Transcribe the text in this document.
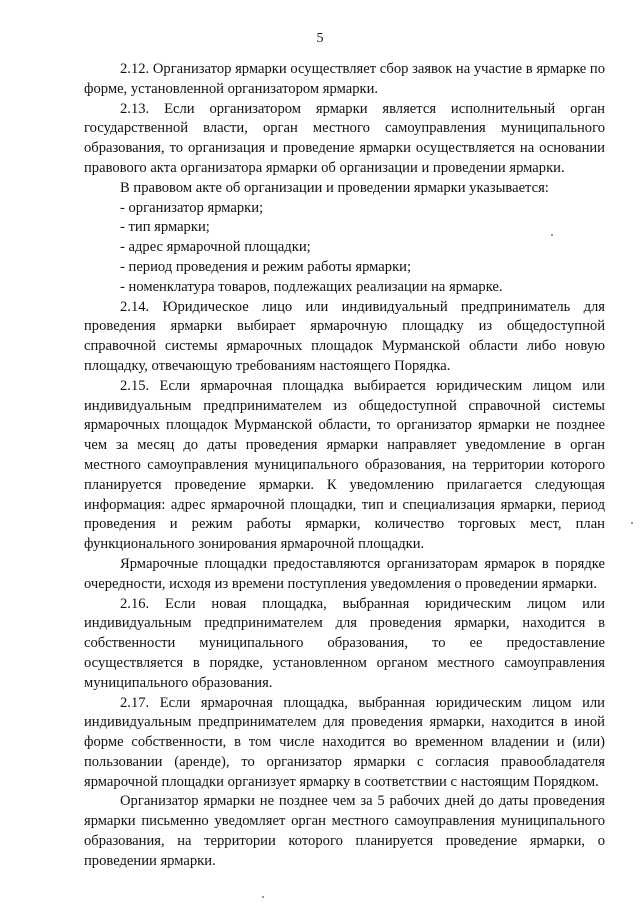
5

2.12. Организатор ярмарки осуществляет сбор заявок на участие в ярмарке по форме, установленной организатором ярмарки.

2.13. Если организатором ярмарки является исполнительный орган государственной власти, орган местного самоуправления муниципального образования, то организация и проведение ярмарки осуществляется на основании правового акта организатора ярмарки об организации и проведении ярмарки.

В правовом акте об организации и проведении ярмарки указывается:

- организатор ярмарки;

- тип ярмарки;

- адрес ярмарочной площадки;

- период проведения и режим работы ярмарки;

- номенклатура товаров, подлежащих реализации на ярмарке.

2.14. Юридическое лицо или индивидуальный предприниматель для проведения ярмарки выбирает ярмарочную площадку из общедоступной справочной системы ярмарочных площадок Мурманской области либо новую площадку, отвечающую требованиям настоящего Порядка.

2.15. Если ярмарочная площадка выбирается юридическим лицом или индивидуальным предпринимателем из общедоступной справочной системы ярмарочных площадок Мурманской области, то организатор ярмарки не позднее чем за месяц до даты проведения ярмарки направляет уведомление в орган местного самоуправления муниципального образования, на территории которого планируется проведение ярмарки. К уведомлению прилагается следующая информация: адрес ярмарочной площадки, тип и специализация ярмарки, период проведения и режим работы ярмарки, количество торговых мест, план функционального зонирования ярмарочной площадки.

Ярмарочные площадки предоставляются организаторам ярмарок в порядке очередности, исходя из времени поступления уведомления о проведении ярмарки.

2.16. Если новая площадка, выбранная юридическим лицом или индивидуальным предпринимателем для проведения ярмарки, находится в собственности муниципального образования, то ее предоставление осуществляется в порядке, установленном органом местного самоуправления муниципального образования.

2.17. Если ярмарочная площадка, выбранная юридическим лицом или индивидуальным предпринимателем для проведения ярмарки, находится в иной форме собственности, в том числе находится во временном владении и (или) пользовании (аренде), то организатор ярмарки с согласия правообладателя ярмарочной площадки организует ярмарку в соответствии с настоящим Порядком.

Организатор ярмарки не позднее чем за 5 рабочих дней до даты проведения ярмарки письменно уведомляет орган местного самоуправления муниципального образования, на территории которого планируется проведение ярмарки, о проведении ярмарки.
